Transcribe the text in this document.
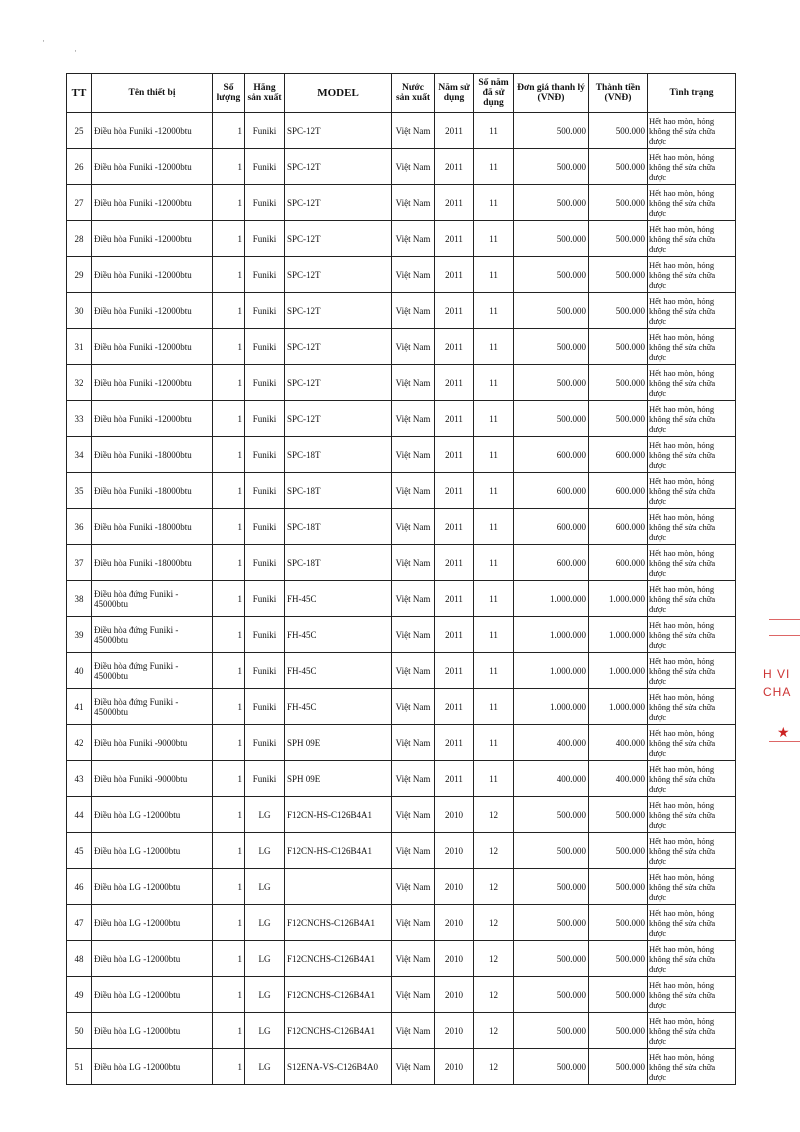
·
·
TT	Tên thiết bị	Số lượng	Hãng sản xuất	MODEL	Nước sản xuất	Năm sử dụng	Số năm đã sử dụng	Đơn giá thanh lý (VNĐ)	Thành tiền (VNĐ)	Tình trạng
25	Điều hòa Funiki -12000btu	1	Funiki	SPC-12T	Việt Nam	2011	11	500.000	500.000	Hết hao mòn, hỏng không thể sửa chữa được
26	Điều hòa Funiki -12000btu	1	Funiki	SPC-12T	Việt Nam	2011	11	500.000	500.000	Hết hao mòn, hỏng không thể sửa chữa được
27	Điều hòa Funiki -12000btu	1	Funiki	SPC-12T	Việt Nam	2011	11	500.000	500.000	Hết hao mòn, hỏng không thể sửa chữa được
28	Điều hòa Funiki -12000btu	1	Funiki	SPC-12T	Việt Nam	2011	11	500.000	500.000	Hết hao mòn, hỏng không thể sửa chữa được
29	Điều hòa Funiki -12000btu	1	Funiki	SPC-12T	Việt Nam	2011	11	500.000	500.000	Hết hao mòn, hỏng không thể sửa chữa được
30	Điều hòa Funiki -12000btu	1	Funiki	SPC-12T	Việt Nam	2011	11	500.000	500.000	Hết hao mòn, hỏng không thể sửa chữa được
31	Điều hòa Funiki -12000btu	1	Funiki	SPC-12T	Việt Nam	2011	11	500.000	500.000	Hết hao mòn, hỏng không thể sửa chữa được
32	Điều hòa Funiki -12000btu	1	Funiki	SPC-12T	Việt Nam	2011	11	500.000	500.000	Hết hao mòn, hỏng không thể sửa chữa được
33	Điều hòa Funiki -12000btu	1	Funiki	SPC-12T	Việt Nam	2011	11	500.000	500.000	Hết hao mòn, hỏng không thể sửa chữa được
34	Điều hòa Funiki -18000btu	1	Funiki	SPC-18T	Việt Nam	2011	11	600.000	600.000	Hết hao mòn, hỏng không thể sửa chữa được
35	Điều hòa Funiki -18000btu	1	Funiki	SPC-18T	Việt Nam	2011	11	600.000	600.000	Hết hao mòn, hỏng không thể sửa chữa được
36	Điều hòa Funiki -18000btu	1	Funiki	SPC-18T	Việt Nam	2011	11	600.000	600.000	Hết hao mòn, hỏng không thể sửa chữa được
37	Điều hòa Funiki -18000btu	1	Funiki	SPC-18T	Việt Nam	2011	11	600.000	600.000	Hết hao mòn, hỏng không thể sửa chữa được
38	Điều hòa đứng Funiki - 45000btu	1	Funiki	FH-45C	Việt Nam	2011	11	1.000.000	1.000.000	Hết hao mòn, hỏng không thể sửa chữa được
39	Điều hòa đứng Funiki - 45000btu	1	Funiki	FH-45C	Việt Nam	2011	11	1.000.000	1.000.000	Hết hao mòn, hỏng không thể sửa chữa được
40	Điều hòa đứng Funiki - 45000btu	1	Funiki	FH-45C	Việt Nam	2011	11	1.000.000	1.000.000	Hết hao mòn, hỏng không thể sửa chữa được
41	Điều hòa đứng Funiki - 45000btu	1	Funiki	FH-45C	Việt Nam	2011	11	1.000.000	1.000.000	Hết hao mòn, hỏng không thể sửa chữa được
42	Điều hòa Funiki -9000btu	1	Funiki	SPH 09E	Việt Nam	2011	11	400.000	400.000	Hết hao mòn, hỏng không thể sửa chữa được
43	Điều hòa Funiki -9000btu	1	Funiki	SPH 09E	Việt Nam	2011	11	400.000	400.000	Hết hao mòn, hỏng không thể sửa chữa được
44	Điều hòa LG -12000btu	1	LG	F12CN-HS-C126B4A1	Việt Nam	2010	12	500.000	500.000	Hết hao mòn, hỏng không thể sửa chữa được
45	Điều hòa LG -12000btu	1	LG	F12CN-HS-C126B4A1	Việt Nam	2010	12	500.000	500.000	Hết hao mòn, hỏng không thể sửa chữa được
46	Điều hòa LG -12000btu	1	LG		Việt Nam	2010	12	500.000	500.000	Hết hao mòn, hỏng không thể sửa chữa được
47	Điều hòa LG -12000btu	1	LG	F12CNCHS-C126B4A1	Việt Nam	2010	12	500.000	500.000	Hết hao mòn, hỏng không thể sửa chữa được
48	Điều hòa LG -12000btu	1	LG	F12CNCHS-C126B4A1	Việt Nam	2010	12	500.000	500.000	Hết hao mòn, hỏng không thể sửa chữa được
49	Điều hòa LG -12000btu	1	LG	F12CNCHS-C126B4A1	Việt Nam	2010	12	500.000	500.000	Hết hao mòn, hỏng không thể sửa chữa được
50	Điều hòa LG -12000btu	1	LG	F12CNCHS-C126B4A1	Việt Nam	2010	12	500.000	500.000	Hết hao mòn, hỏng không thể sửa chữa được
51	Điều hòa LG -12000btu	1	LG	S12ENA-VS-C126B4A0	Việt Nam	2010	12	500.000	500.000	Hết hao mòn, hỏng không thể sửa chữa được
H VI
CHA
★
